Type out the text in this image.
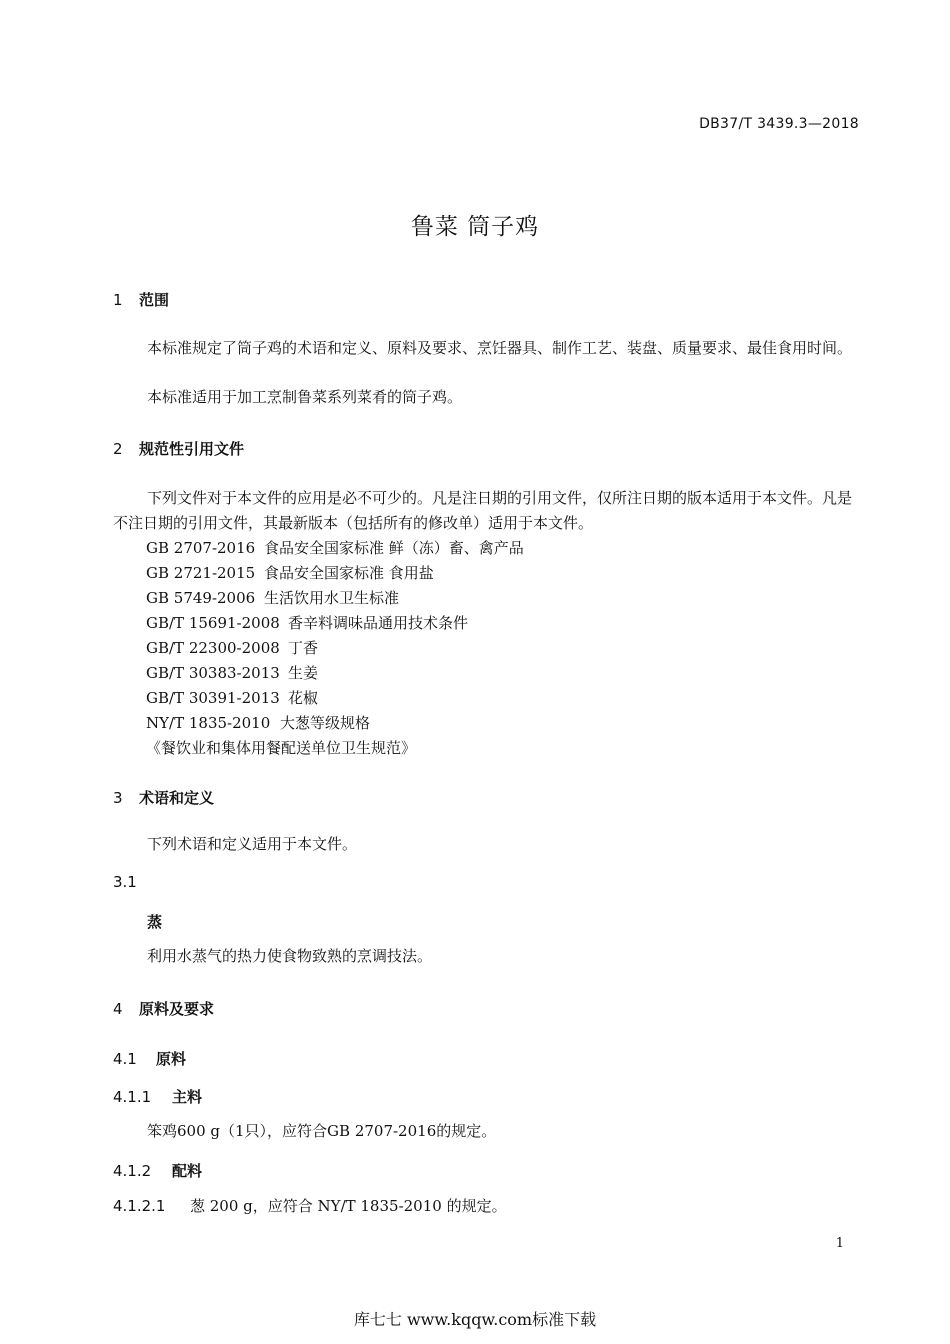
DB37/T 3439.3—2018
鲁菜 筒子鸡
1 范围
本标准规定了筒子鸡的术语和定义、原料及要求、烹饪器具、制作工艺、装盘、质量要求、最佳食用时间。
本标准适用于加工烹制鲁菜系列菜肴的筒子鸡。
2 规范性引用文件
下列文件对于本文件的应用是必不可少的。凡是注日期的引用文件，仅所注日期的版本适用于本文件。凡是不注日期的引用文件，其最新版本（包括所有的修改单）适用于本文件。
GB 2707-2016 食品安全国家标准 鲜（冻）畜、禽产品
GB 2721-2015 食品安全国家标准 食用盐
GB 5749-2006 生活饮用水卫生标准
GB/T 15691-2008 香辛料调味品通用技术条件
GB/T 22300-2008 丁香
GB/T 30383-2013 生姜
GB/T 30391-2013 花椒
NY/T 1835-2010 大葱等级规格
《餐饮业和集体用餐配送单位卫生规范》
3 术语和定义
下列术语和定义适用于本文件。
3.1
蒸
利用水蒸气的热力使食物致熟的烹调技法。
4 原料及要求
4.1 原料
4.1.1 主料
笨鸡600 g（1只），应符合GB 2707-2016的规定。
4.1.2 配料
4.1.2.1 葱 200 g，应符合 NY/T 1835-2010 的规定。
1
库七七 www.kqqw.com标准下载
